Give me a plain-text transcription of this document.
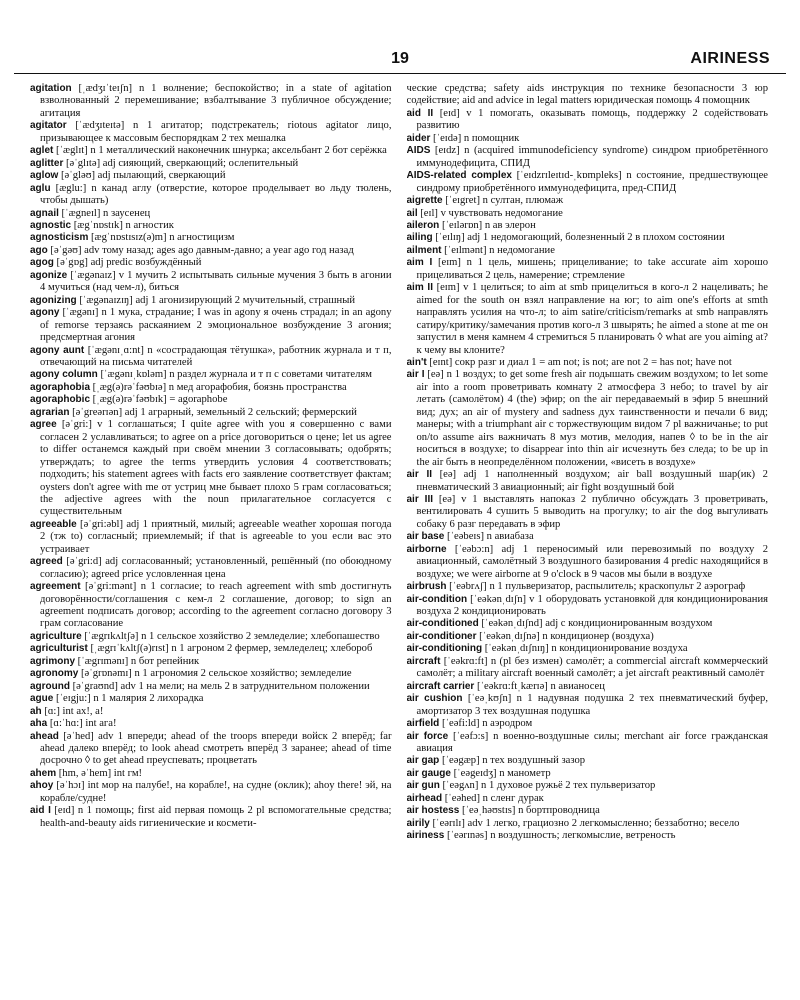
19	AIRINESS

agitation [ˌædʒɪˈteɪʃn] n 1 волнение; беспокойство; in a state of agitation взволнованный 2 перемешивание; взбалтывание 3 публичное обсуждение; агитация

agitator [ˈædʒɪteɪtə] n 1 агитатор; подстрекатель; riotous agitator лицо, призывающее к массовым беспорядкам 2 тех мешалка

aglet [ˈæglɪt] n 1 металлический наконечник шнурка; аксельбант 2 бот серёжка

aglitter [əˈglɪtə] adj сияющий, сверкающий; ослепительный

aglow [əˈgləʊ] adj пылающий, сверкающий

aglu [æglu:] n канад аглу (отверстие, которое проделывает во льду тюлень, чтобы дышать)

agnail [ˈægneɪl] n заусенец

agnostic [ægˈnɒstɪk] n агностик

agnosticism [ægˈnɒstɪsɪz(ə)m] n агностицизм

ago [əˈgəʊ] adv тому назад; ages ago давным-давно; a year ago год назад

agog [əˈgɒg] adj predic возбуждённый

agonize [ˈægənaɪz] v 1 мучить 2 испытывать сильные мучения 3 быть в агонии 4 мучиться (над чем-л), биться

agonizing [ˈægənaɪzɪŋ] adj 1 агонизирующий 2 мучительный, страшный

agony [ˈægənɪ] n 1 мука, страдание; I was in agony я очень страдал; in an agony of remorse терзаясь раскаянием 2 эмоциональное возбуждение 3 агония; предсмертная агония

agony aunt [ˈægənɪˌɑ:nt] n «сострадающая тётушка», работник журнала и т п, отвечающий на письма читателей

agony column [ˈægənɪˌkɒləm] n раздел журнала и т п с советами читателям

agoraphobia [ˌæg(ə)rəˈfəʊbɪə] n мед агорафобия, боязнь пространства

agoraphobic [ˌæg(ə)rəˈfəʊbɪk] = agoraphobe

agrarian [əˈgreərɪən] adj 1 аграрный, земельный 2 сельский; фермерский

agree [əˈgri:] v 1 соглашаться; I quite agree with you я совершенно с вами согласен 2 уславливаться; to agree on a price договориться о цене; let us agree to differ останемся каждый при своём мнении 3 согласовывать; одобрять; утверждать; to agree the terms утвердить условия 4 соответствовать; подходить; his statement agrees with facts его заявление соответствует фактам; oysters don't agree with me от устриц мне бывает плохо 5 грам согласоваться; the adjective agrees with the noun прилагательное согласуется с существительным

agreeable [əˈgri:əbl] adj 1 приятный, милый; agreeable weather хорошая погода 2 (тж to) согласный; приемлемый; if that is agreeable to you если вас это устраивает

agreed [əˈgri:d] adj согласованный; установленный, решённый (по обоюдному согласию); agreed price условленная цена

agreement [əˈgri:mənt] n 1 согласие; to reach agreement with smb достигнуть договорённости/соглашения с кем-л 2 соглашение, договор; to sign an agreement подписать договор; according to the agreement согласно договору 3 грам согласование

agriculture [ˈægrɪkʌltʃə] n 1 сельское хозяйство 2 земледелие; хлебопашество

agriculturist [ˌægrɪˈkʌltʃ(ə)rɪst] n 1 агроном 2 фермер, земледелец; хлебороб

agrimony [ˈægrɪmənɪ] n бот репейник

agronomy [əˈgrɒnəmɪ] n 1 агрономия 2 сельское хозяйство; земледелие

aground [əˈgraʊnd] adv 1 на мели; на мель 2 в затруднительном положении

ague [ˈeɪgju:] n 1 малярия 2 лихорадка

ah [ɑ:] int ах!, а!

aha [ɑ:ˈhɑ:] int ага!

ahead [əˈhed] adv 1 впереди; ahead of the troops впереди войск 2 вперёд; far ahead далеко вперёд; to look ahead смотреть вперёд 3 заранее; ahead of time досрочно ◊ to get ahead преуспевать; процветать

ahem [hm, əˈhem] int гм!

ahoy [əˈhɔɪ] int мор на палубе!, на корабле!, на судне (оклик); ahoy there! эй, на корабле/судне!

aid I [eɪd] n 1 помощь; first aid первая помощь 2 pl вспомогательные средства; health-and-beauty aids гигиенические и космети-

ческие средства; safety aids инструкция по технике безопасности 3 юр содействие; aid and advice in legal matters юридическая помощь 4 помощник

aid II [eɪd] v 1 помогать, оказывать помощь, поддержку 2 содействовать развитию

aider [ˈeɪdə] n помощник

AIDS [eɪdz] n (acquired immunodeficiency syndrome) синдром приобретённого иммунодефицита, СПИД

AIDS-related complex [ˈeɪdzrɪleɪtɪd-ˌkɒmpleks] n состояние, предшествующее синдрому приобретённого иммунодефицита, пред-СПИД

aigrette [ˈeɪgret] n султан, плюмаж

ail [eɪl] v чувствовать недомогание

aileron [ˈeɪlərɒn] n ав элерон

ailing [ˈeɪlɪŋ] adj 1 недомогающий, болезненный 2 в плохом состоянии

ailment [ˈeɪlmənt] n недомогание

aim I [eɪm] n 1 цель, мишень; прицеливание; to take accurate aim хорошо прицеливаться 2 цель, намерение; стремление

aim II [eɪm] v 1 целиться; to aim at smb прицелиться в кого-л 2 нацеливать; he aimed for the south он взял направление на юг; to aim one's efforts at smth направлять усилия на что-л; to aim satire/criticism/remarks at smb направлять сатиру/критику/замечания против кого-л 3 швырять; he aimed a stone at me он запустил в меня камнем 4 стремиться 5 планировать ◊ what are you aiming at? к чему вы клоните?

ain't [eɪnt] сокр разг и диал 1 = am not; is not; are not 2 = has not; have not

air I [eə] n 1 воздух; to get some fresh air подышать свежим воздухом; to let some air into a room проветривать комнату 2 атмосфера 3 небо; to travel by air летать (самолётом) 4 (the) эфир; on the air передаваемый в эфир 5 внешний вид; дух; an air of mystery and sadness дух таинственности и печали 6 вид; манеры; with a triumphant air с торжествующим видом 7 pl важничанье; to put on/to assume airs важничать 8 муз мотив, мелодия, напев ◊ to be in the air носиться в воздухе; to disappear into thin air исчезнуть без следа; to be up in the air быть в неопределённом положении, «висеть в воздухе»

air II [eə] adj 1 наполненный воздухом; air ball воздушный шар(ик) 2 пневматический 3 авиационный; air fight воздушный бой

air III [eə] v 1 выставлять напоказ 2 публично обсуждать 3 проветривать, вентилировать 4 сушить 5 выводить на прогулку; to air the dog выгуливать собаку 6 разг передавать в эфир

air base [ˈeəbeɪs] n авиабаза

airborne [ˈeəbɔ:n] adj 1 переносимый или перевозимый по воздуху 2 авиационный, самолётный 3 воздушного базирования 4 predic находящийся в воздухе; we were airborne at 9 o'clock в 9 часов мы были в воздухе

airbrush [ˈeəbrʌʃ] n 1 пульверизатор, распылитель; краскопульт 2 аэрограф

air-condition [ˈeəkənˌdɪʃn] v 1 оборудовать установкой для кондиционирования воздуха 2 кондиционировать

air-conditioned [ˈeəkənˌdɪʃnd] adj с кондиционированным воздухом

air-conditioner [ˈeəkənˌdɪʃnə] n кондиционер (воздуха)

air-conditioning [ˈeəkənˌdɪʃnɪŋ] n кондиционирование воздуха

aircraft [ˈeəkrɑ:ft] n (pl без измен) самолёт; a commercial aircraft коммерческий самолёт; a military aircraft военный самолёт; a jet aircraft реактивный самолёт

aircraft carrier [ˈeəkrɑ:ftˌkærɪə] n авианосец

air cushion [ˈeəˌkʊʃn] n 1 надувная подушка 2 тех пневматический буфер, амортизатор 3 тех воздушная подушка

airfield [ˈeəfi:ld] n аэродром

air force [ˈeəfɔ:s] n военно-воздушные силы; merchant air force гражданская авиация

air gap [ˈeəgæp] n тех воздушный зазор

air gauge [ˈeəgeɪdʒ] n манометр

air gun [ˈeəgʌn] n 1 духовое ружьё 2 тех пульверизатор

airhead [ˈeəhed] n сленг дурак

air hostess [ˈeəˌhəʊstɪs] n бортпроводница

airily [ˈeərɪlɪ] adv 1 легко, грациозно 2 легкомысленно; беззаботно; весело

airiness [ˈeərɪnəs] n воздушность; легкомыслие, ветреность
